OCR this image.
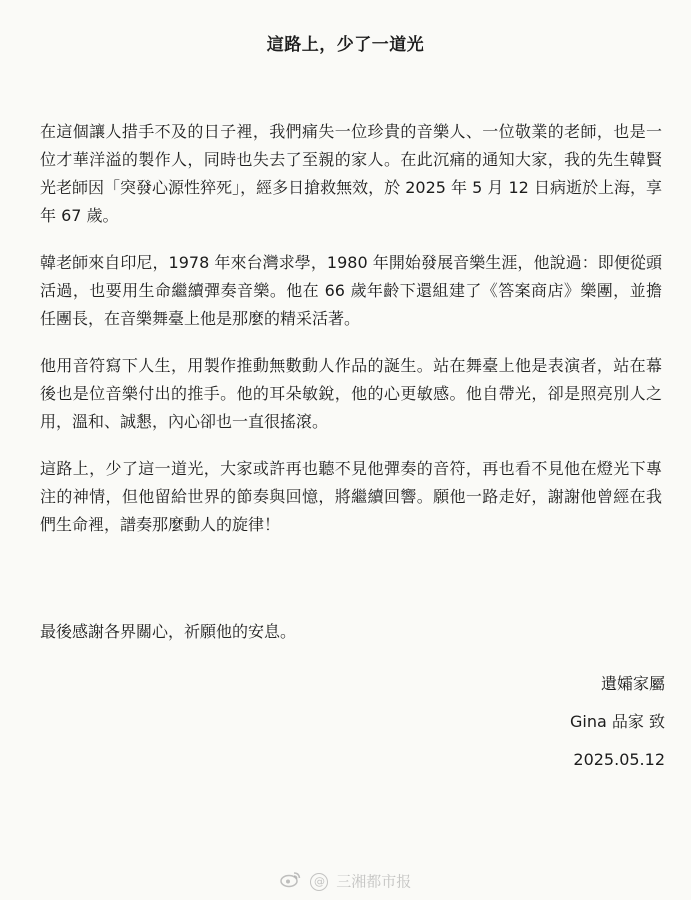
這路上，少了一道光

在這個讓人措手不及的日子裡，我們痛失一位珍貴的音樂人、一位敬業的老師，也是一位才華洋溢的製作人，同時也失去了至親的家人。在此沉痛的通知大家，我的先生韓賢光老師因「突發心源性猝死」，經多日搶救無效，於 2025 年 5 月 12 日病逝於上海，享年 67 歲。

韓老師來自印尼，1978 年來台灣求學，1980 年開始發展音樂生涯，他說過：即便從頭活過，也要用生命繼續彈奏音樂。他在 66 歲年齡下還組建了《答案商店》樂團，並擔任團長，在音樂舞臺上他是那麼的精采活著。

他用音符寫下人生，用製作推動無數動人作品的誕生。站在舞臺上他是表演者，站在幕後也是位音樂付出的推手。他的耳朵敏銳，他的心更敏感。他自帶光，卻是照亮別人之用，溫和、誠懇，內心卻也一直很搖滾。

這路上，少了這一道光，大家或許再也聽不見他彈奏的音符，再也看不見他在燈光下專注的神情，但他留給世界的節奏與回憶，將繼續回響。願他一路走好，謝謝他曾經在我們生命裡，譜奏那麼動人的旋律！

最後感謝各界關心，祈願他的安息。

遺孀家屬
Gina 品家 致
2025.05.12
@ 三湘都市报
